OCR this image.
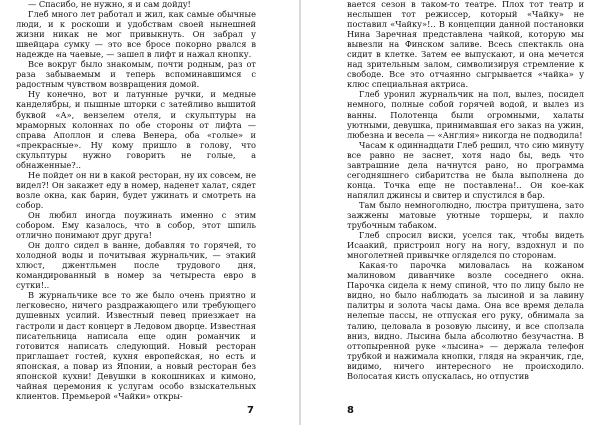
— Спасибо, не нужно, я и сам дойду!

Глеб много лет работал и жил, как самые обычные люди, и к роскоши и удобствам своей нынешней жизни никак не мог привыкнуть. Он забрал у швейцара сумку — это все бросе покорно рвался в надежде на чаевые, — зашел в лифт и нажал кнопку.

Все вокруг было знакомым, почти родным, раз от раза забываемым и теперь вспоминавшимся с радостным чувством возвращения домой.

Ну конечно, вот и латунные ручки, и медные канделябры, и пышные шторки с затейливо вышитой буквой «А», вензелем отеля, и скульптуры на мраморных колоннах по обе стороны от лифта — справа Аполлон и слева Венера, оба «голые» и «прекрасные». Ну кому пришло в голову, что скульптуры нужно говорить не голые, а обнаженные?..

Не пойдет он ни в какой ресторан, ну их совсем, не видел?! Он закажет еду в номер, наденет халат, сядет возле окна, как барин, будет ужинать и смотреть на собор.

Он любил иногда поужинать именно с этим собором. Ему казалось, что в собор, этот шпиль отлично понимают друг друга!

Он долго сидел в ванне, добавляя то горячей, то холодной воды и почитывая журнальчик, — этакий хлюст, джентльмен после трудового дня, командированный в номер за четыреста евро в сутки!..

В журнальчике все то же было очень приятно и легковесно, ничего раздражающего или требующего душевных усилий. Известный певец приезжает на гастроли и даст концерт в Ледовом дворце. Известная писательница написала еще один романчик и готовится написать следующий. Новый ресторан приглашает гостей, кухня европейская, но есть и японская, а повар из Японии, а новый ресторан без японской кухни! Девушки в кокошниках и кимоно, чайная церемония к услугам особо взыскательных клиентов. Премьерой «Чайки» откры-

7

вается сезон в таком-то театре. Плох тот театр и неслышен тот режиссер, который «Чайку» не поставил «Чайку»!.. В концепции данной постановки Нина Заречная представлена чайкой, которую мы вывезли на Финском заливе. Всесь спектакль она сидит в клетке. Затем ее выпускают, и она мечется над зрительным залом, символизируя стремление к свободе. Все это отчаянно сыгрывается «чайка» у клюс специальная актриса.

Глеб уронил журнальчик на пол, вылез, посидел немного, полные собой горячей водой, и вылез из ванны. Полотенца были огромными, халаты уютными, девушка, принимавшая его заказ на ужин, любезна и весела — «Англия» никогда не подводила!

Часам к одиннадцати Глеб решил, что сию минуту все равно не заснет, хотя надо бы, ведь что завтрашние дела начнутся рано, но программа сегодняшнего сибаритства не была выполнена до конца. Точка еще не поставлена!.. Он кое-как напялил джинсы и свитер и спустился в бар.

Там было немноголюдно, люстра притушена, зато зажжены матовые уютные торшеры, и пахло трубочным табаком.

Глеб спросил виски, уселся так, чтобы видеть Исаакий, пристроил ногу на ногу, вздохнул и по многолетней привычке огляделся по сторонам.

Какая-то парочка миловалась на кожаном малиновом диванчике возле соседнего окна. Парочка сидела к нему спиной, что по лицу было не видно, но было наблюдать за лысиной и за лавину палитры и золота часы дама. Она все время делала нелепые пассы, не отпуская его руку, обнимала за талию, целовала в розовую лысину, и все сползала вниз, видно. Лысина была абсолютно безучастна. В оттопыренной руке «лысина» — держала телефон трубкой и нажимала кнопки, глядя на экранчик, где, видимо, ничего интересного не происходило. Волосатая кисть опускалась, но отпустив

8
